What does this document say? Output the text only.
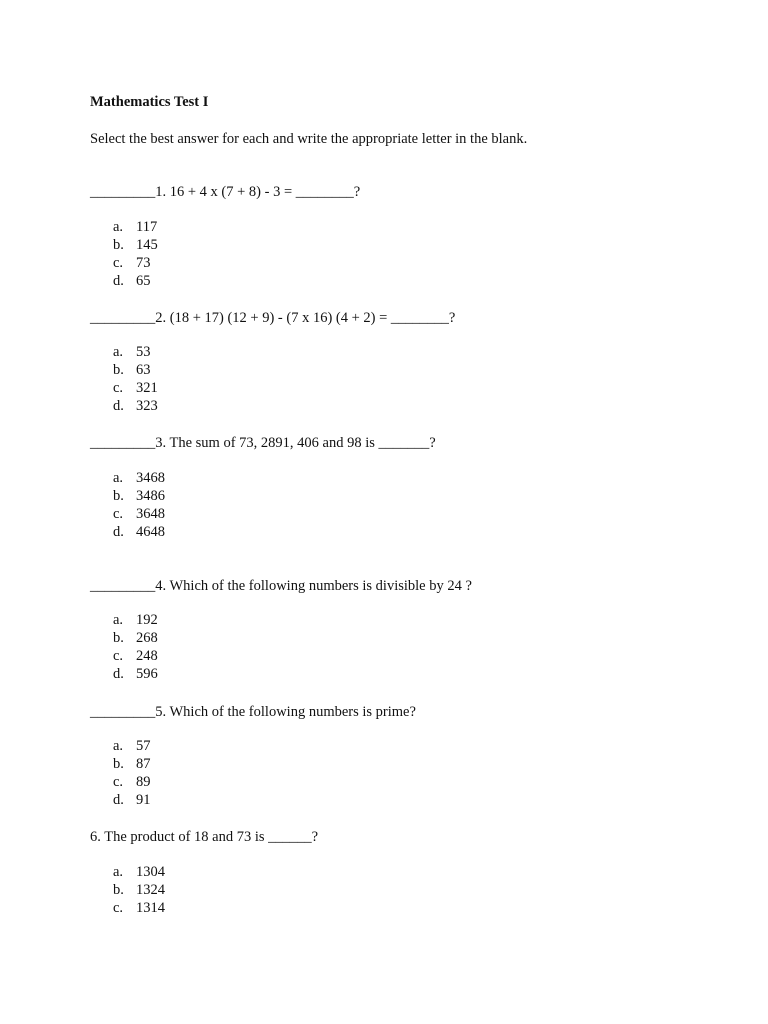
Mathematics Test I
Select the best answer for each and write the appropriate letter in the blank.
_________1. 16 + 4 x (7 + 8) - 3 = ________?
a. 117
b. 145
c. 73
d. 65
_________2. (18 + 17) (12 + 9) - (7 x 16) (4 + 2) = ________?
a. 53
b. 63
c. 321
d. 323
_________3. The sum of 73, 2891, 406 and 98 is _______?
a. 3468
b. 3486
c. 3648
d. 4648
_________4. Which of the following numbers is divisible by 24 ?
a. 192
b. 268
c. 248
d. 596
_________5. Which of the following numbers is prime?
a. 57
b. 87
c. 89
d. 91
6. The product of 18 and 73 is ______?
a. 1304
b. 1324
c. 1314
